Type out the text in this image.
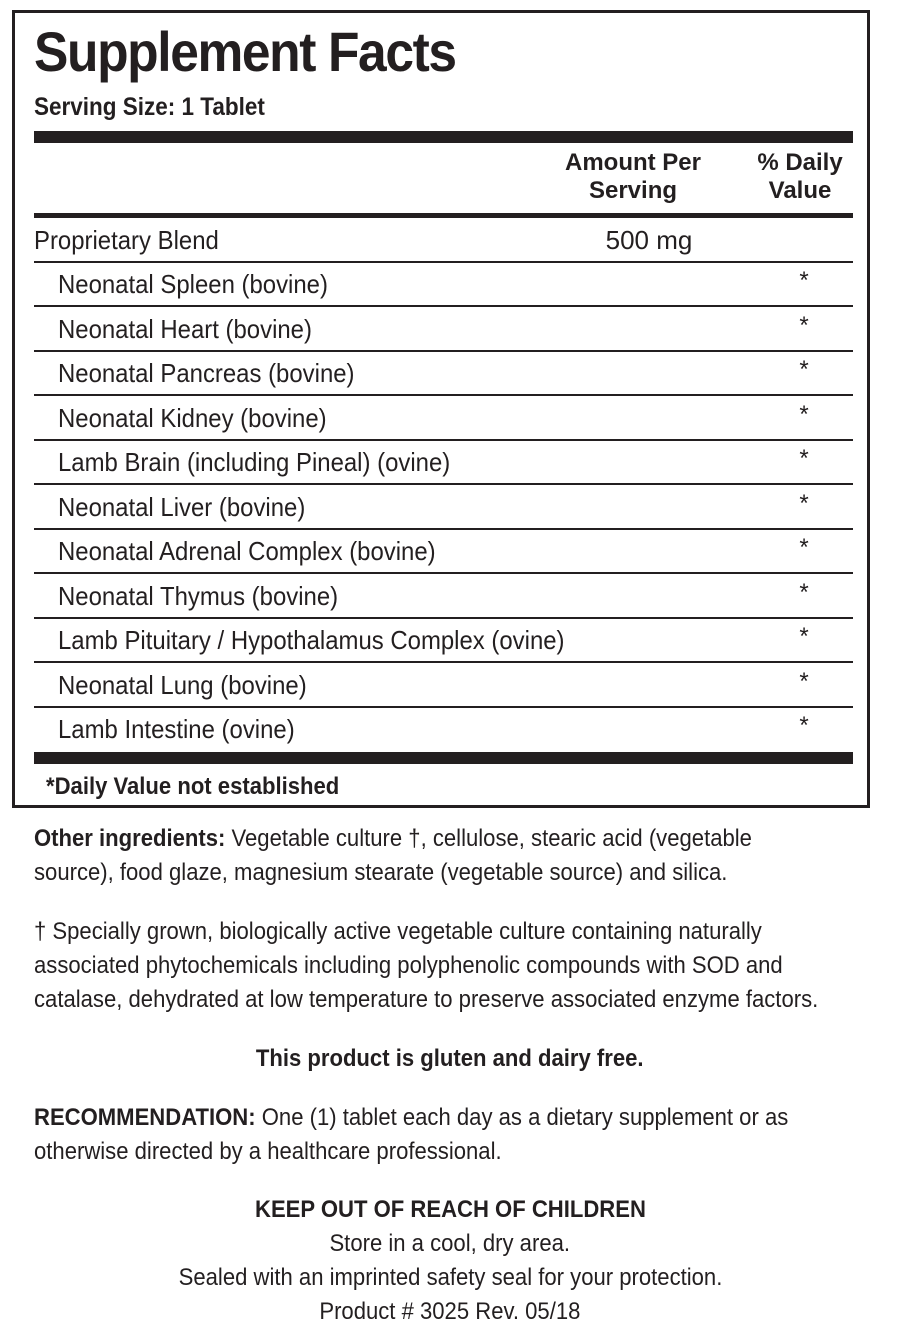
Supplement Facts
Serving Size: 1 Tablet
Amount Per
Serving
% Daily
Value
Proprietary Blend	500 mg
Neonatal Spleen (bovine)	*
Neonatal Heart (bovine)	*
Neonatal Pancreas (bovine)	*
Neonatal Kidney (bovine)	*
Lamb Brain (including Pineal) (ovine)	*
Neonatal Liver (bovine)	*
Neonatal Adrenal Complex (bovine)	*
Neonatal Thymus (bovine)	*
Lamb Pituitary / Hypothalamus Complex (ovine)	*
Neonatal Lung (bovine)	*
Lamb Intestine (ovine)	*
*Daily Value not established
Other ingredients: Vegetable culture †, cellulose, stearic acid (vegetable source), food glaze, magnesium stearate (vegetable source) and silica.
† Specially grown, biologically active vegetable culture containing naturally associated phytochemicals including polyphenolic compounds with SOD and catalase, dehydrated at low temperature to preserve associated enzyme factors.
This product is gluten and dairy free.
RECOMMENDATION: One (1) tablet each day as a dietary supplement or as otherwise directed by a healthcare professional.
KEEP OUT OF REACH OF CHILDREN
Store in a cool, dry area.
Sealed with an imprinted safety seal for your protection.
Product # 3025 Rev. 05/18
